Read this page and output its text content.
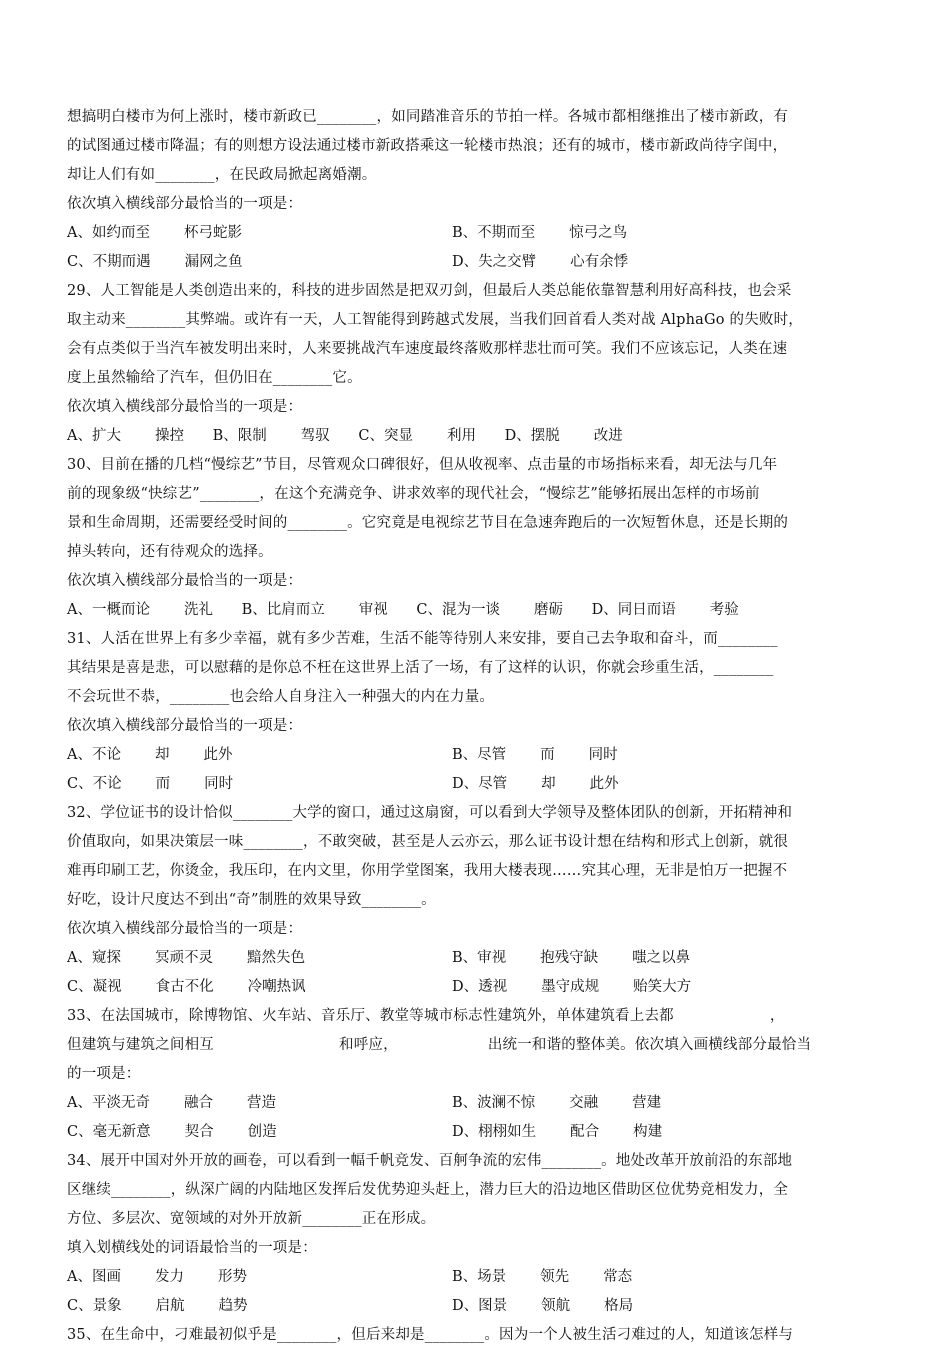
想搞明白楼市为何上涨时，楼市新政已________，如同踏准音乐的节拍一样。各城市都相继推出了楼市新政，有
的试图通过楼市降温；有的则想方设法通过楼市新政搭乘这一轮楼市热浪；还有的城市，楼市新政尚待字闺中，
却让人们有如________，在民政局掀起离婚潮。
依次填入横线部分最恰当的一项是：
A、如约而至 杯弓蛇影	B、不期而至 惊弓之鸟
C、不期而遇 漏网之鱼	D、失之交臂 心有余悸
29、人工智能是人类创造出来的，科技的进步固然是把双刃剑，但最后人类总能依靠智慧利用好高科技，也会采
取主动来________其弊端。或许有一天，人工智能得到跨越式发展，当我们回首看人类对战 AlphaGo 的失败时，
会有点类似于当汽车被发明出来时，人来要挑战汽车速度最终落败那样悲壮而可笑。我们不应该忘记，人类在速
度上虽然输给了汽车，但仍旧在________它。
依次填入横线部分最恰当的一项是：
A、扩大 操控 B、限制 驾驭 C、突显 利用 D、摆脱 改进
30、目前在播的几档“慢综艺”节目，尽管观众口碑很好，但从收视率、点击量的市场指标来看，却无法与几年
前的现象级“快综艺”________，在这个充满竞争、讲求效率的现代社会，“慢综艺”能够拓展出怎样的市场前
景和生命周期，还需要经受时间的________。它究竟是电视综艺节目在急速奔跑后的一次短暂休息，还是长期的
掉头转向，还有待观众的选择。
依次填入横线部分最恰当的一项是：
A、一概而论 洗礼 B、比肩而立 审视 C、混为一谈 磨砺 D、同日而语 考验
31、人活在世界上有多少幸福，就有多少苦难，生活不能等待别人来安排，要自己去争取和奋斗，而________
其结果是喜是悲，可以慰藉的是你总不枉在这世界上活了一场，有了这样的认识，你就会珍重生活，________
不会玩世不恭，________也会给人自身注入一种强大的内在力量。
依次填入横线部分最恰当的一项是：
A、不论 却 此外	B、尽管 而 同时
C、不论 而 同时	D、尽管 却 此外
32、学位证书的设计恰似________大学的窗口，通过这扇窗，可以看到大学领导及整体团队的创新，开拓精神和
价值取向，如果决策层一味________，不敢突破，甚至是人云亦云，那么证书设计想在结构和形式上创新，就很
难再印刷工艺，你烫金，我压印，在内文里，你用学堂图案，我用大楼表现……究其心理，无非是怕万一把握不
好吃，设计尺度达不到出“奇”制胜的效果导致________。
依次填入横线部分最恰当的一项是：
A、窥探 冥顽不灵 黯然失色	B、审视 抱残守缺 嗤之以鼻
C、凝视 食古不化 冷嘲热讽	D、透视 墨守成规 贻笑大方
33、在法国城市，除博物馆、火车站、音乐厅、教堂等城市标志性建筑外，单体建筑看上去都	，
但建筑与建筑之间相互	和呼应，	出统一和谐的整体美。依次填入画横线部分最恰当
的一项是：
A、平淡无奇 融合 营造	B、波澜不惊 交融 营建
C、毫无新意 契合 创造	D、栩栩如生 配合 构建
34、展开中国对外开放的画卷，可以看到一幅千帆竞发、百舸争流的宏伟________。地处改革开放前沿的东部地
区继续________，纵深广阔的内陆地区发挥后发优势迎头赶上，潜力巨大的沿边地区借助区位优势竞相发力，全
方位、多层次、宽领域的对外开放新________正在形成。
填入划横线处的词语最恰当的一项是：
A、图画 发力 形势	B、场景 领先 常态
C、景象 启航 趋势	D、图景 领航 格局
35、在生命中，刁难最初似乎是________，但后来却是________。因为一个人被生活刁难过的人，知道该怎样与
